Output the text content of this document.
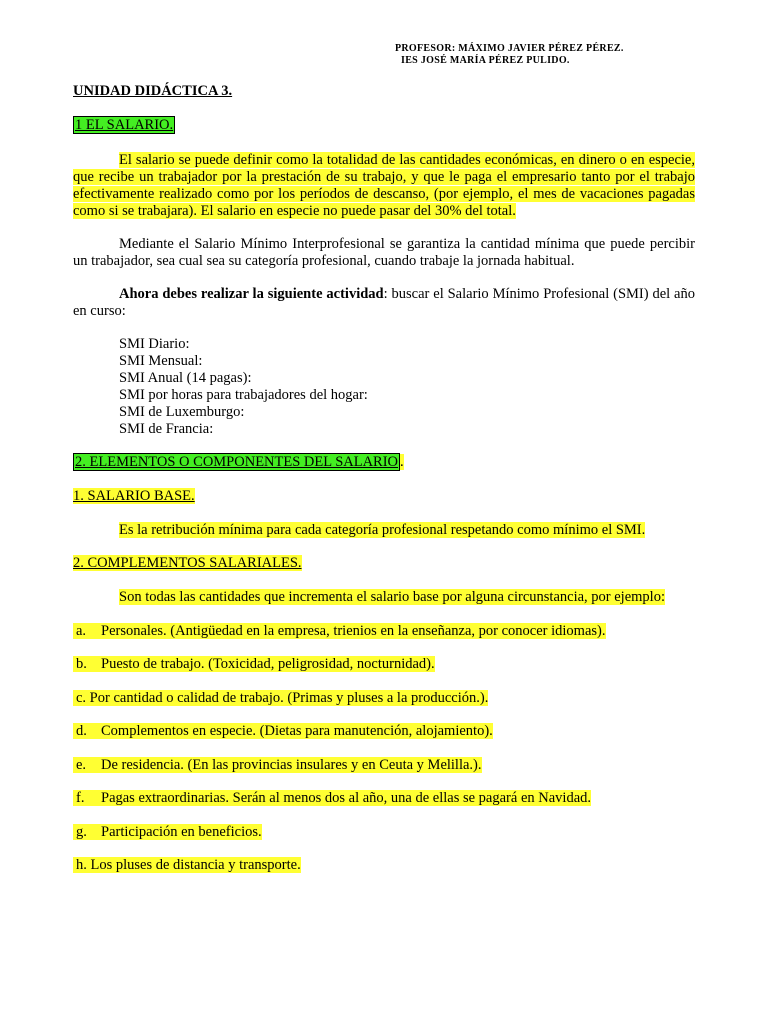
PROFESOR: MÁXIMO JAVIER PÉREZ PÉREZ.
IES JOSÉ MARÍA PÉREZ PULIDO.
UNIDAD DIDÁCTICA 3.
1 EL SALARIO.
El salario se puede definir como la totalidad de las cantidades económicas, en dinero o en especie, que recibe un trabajador por la prestación de su trabajo, y que le paga el empresario tanto por el trabajo efectivamente realizado como por los períodos de descanso, (por ejemplo, el mes de vacaciones pagadas como si se trabajara). El salario en especie no puede pasar del 30% del total.
Mediante el Salario Mínimo Interprofesional se garantiza la cantidad mínima que puede percibir un trabajador, sea cual sea su categoría profesional, cuando trabaje la jornada habitual.
Ahora debes realizar la siguiente actividad: buscar el Salario Mínimo Profesional (SMI) del año en curso:
SMI Diario:
SMI Mensual:
SMI Anual (14 pagas):
SMI por horas para trabajadores del hogar:
SMI de Luxemburgo:
SMI de Francia:
2. ELEMENTOS O COMPONENTES DEL SALARIO .
1. SALARIO BASE.
Es la retribución mínima para cada categoría profesional respetando como mínimo el SMI.
2. COMPLEMENTOS SALARIALES.
Son todas las cantidades que incrementa el salario base por alguna circunstancia, por ejemplo:
a. Personales. (Antigüedad en la empresa, trienios en la enseñanza, por conocer idiomas).
b. Puesto de trabajo. (Toxicidad, peligrosidad, nocturnidad).
c. Por cantidad o calidad de trabajo. (Primas y pluses a la producción.).
d. Complementos en especie. (Dietas para manutención, alojamiento).
e. De residencia. (En las provincias insulares y en Ceuta y Melilla.).
f. Pagas extraordinarias. Serán al menos dos al año, una de ellas se pagará en Navidad.
g. Participación en beneficios.
h. Los pluses de distancia y transporte.
